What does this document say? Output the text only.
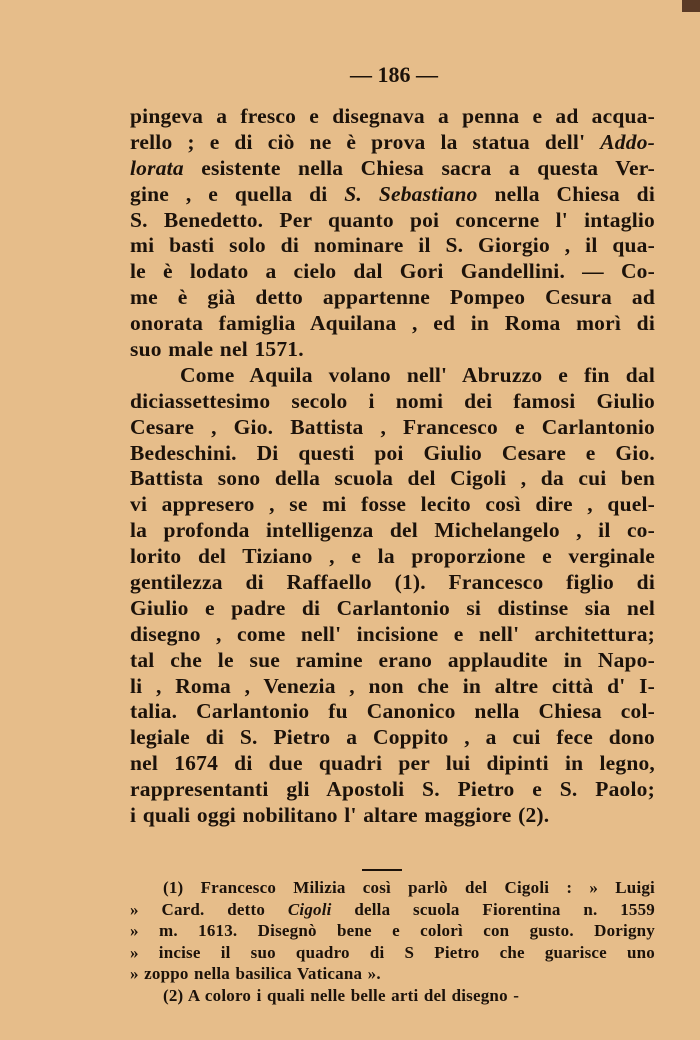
— 186 —
pingeva a fresco e disegnava a penna e ad acqua-
rello ; e di ciò ne è prova la statua dell' Addo-
lorata esistente nella Chiesa sacra a questa Ver-
gine , e quella di S. Sebastiano nella Chiesa di
S. Benedetto. Per quanto poi concerne l' intaglio
mi basti solo di nominare il S. Giorgio , il qua-
le è lodato a cielo dal Gori Gandellini. — Co-
me è già detto appartenne Pompeo Cesura ad
onorata famiglia Aquilana , ed in Roma morì di
suo male nel 1571.
Come Aquila volano nell' Abruzzo e fin dal
diciassettesimo secolo i nomi dei famosi Giulio
Cesare , Gio. Battista , Francesco e Carlantonio
Bedeschini. Di questi poi Giulio Cesare e Gio.
Battista sono della scuola del Cigoli , da cui ben
vi appresero , se mi fosse lecito così dire , quel-
la profonda intelligenza del Michelangelo , il co-
lorito del Tiziano , e la proporzione e verginale
gentilezza di Raffaello (1). Francesco figlio di
Giulio e padre di Carlantonio si distinse sia nel
disegno , come nell' incisione e nell' architettura;
tal che le sue ramine erano applaudite in Napo-
li , Roma , Venezia , non che in altre città d' I-
talia. Carlantonio fu Canonico nella Chiesa col-
legiale di S. Pietro a Coppito , a cui fece dono
nel 1674 di due quadri per lui dipinti in legno,
rappresentanti gli Apostoli S. Pietro e S. Paolo;
i quali oggi nobilitano l' altare maggiore (2).
(1) Francesco Milizia così parlò del Cigoli : » Luigi
» Card. detto Cigoli della scuola Fiorentina n. 1559
» m. 1613. Disegnò bene e colorì con gusto. Dorigny
» incise il suo quadro di S Pietro che guarisce uno
» zoppo nella basilica Vaticana ».
(2) A coloro i quali nelle belle arti del disegno -
